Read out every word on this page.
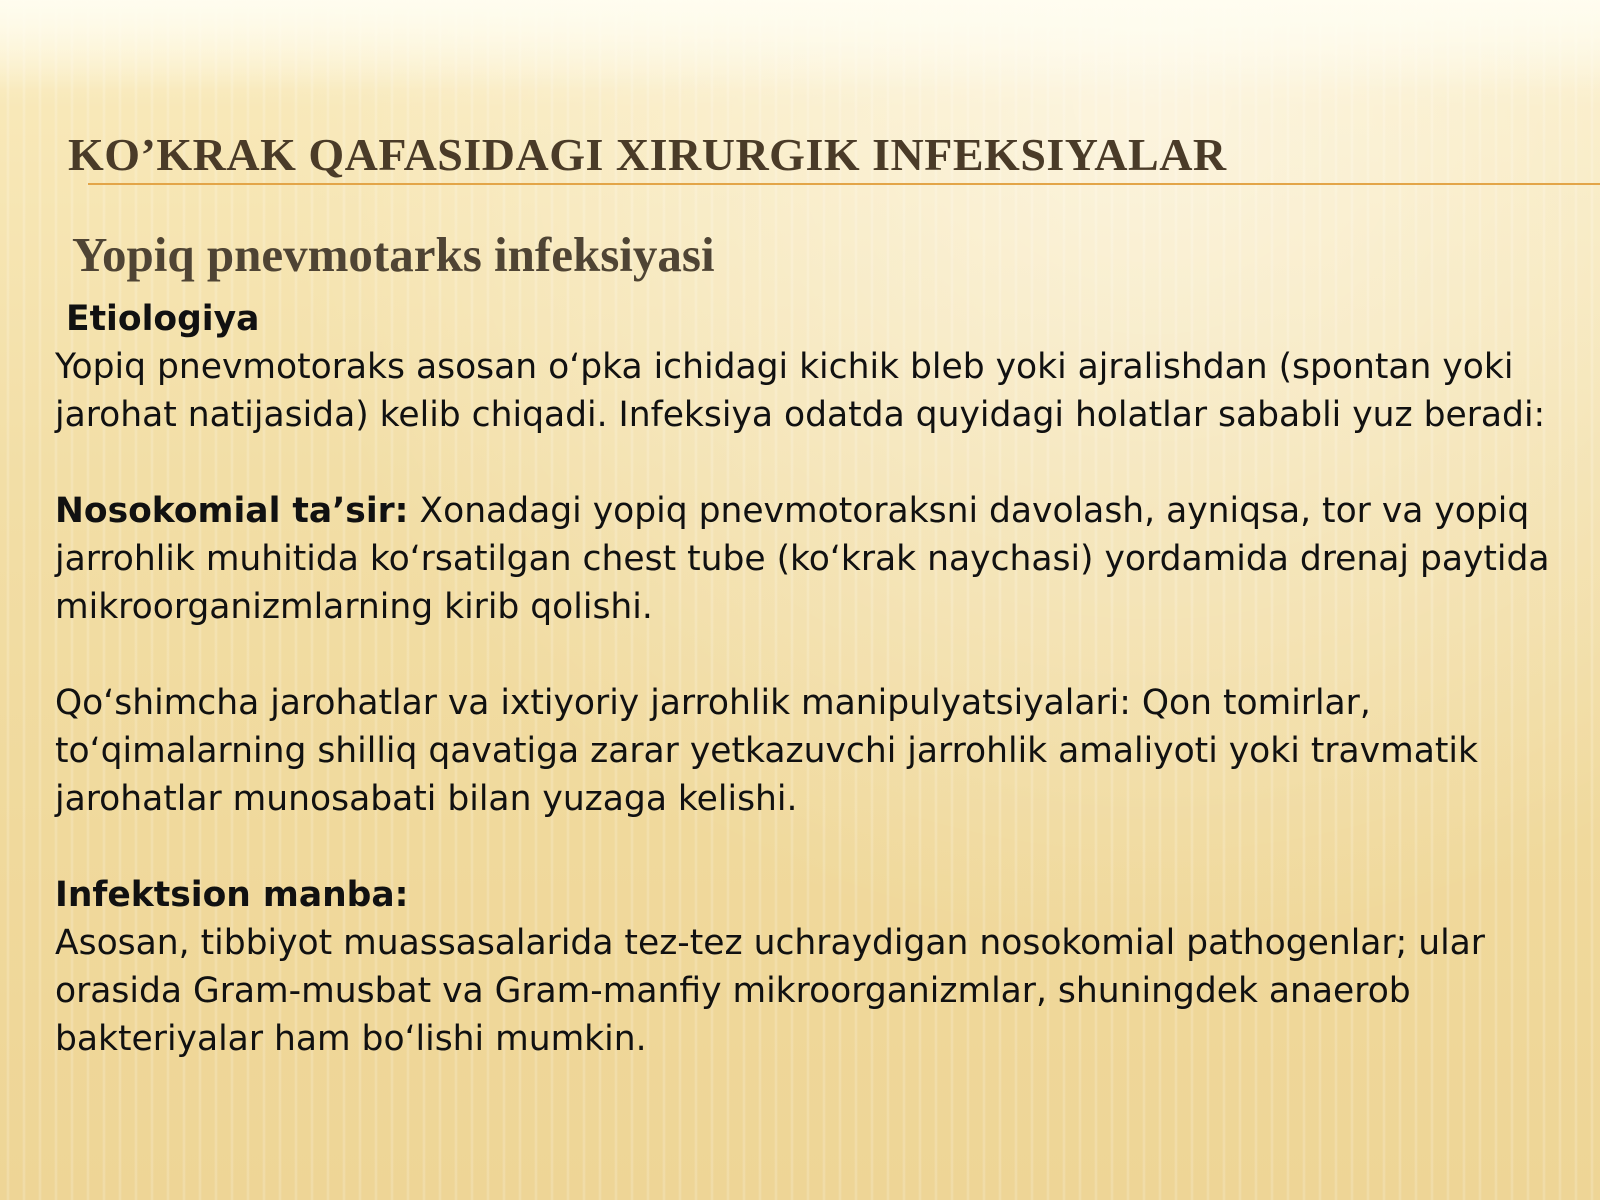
KO’KRAK QAFASIDAGI XIRURGIK INFEKSIYALAR
Yopiq pnevmotarks infeksiyasi

Etiologiya

Yopiq pnevmotoraks asosan o‘pka ichidagi kichik bleb yoki ajralishdan (spontan yoki jarohat natijasida) kelib chiqadi. Infeksiya odatda quyidagi holatlar sababli yuz beradi:

Nosokomial ta’sir: Xonadagi yopiq pnevmotoraksni davolash, ayniqsa, tor va yopiq jarrohlik muhitida ko‘rsatilgan chest tube (ko‘krak naychasi) yordamida drenaj paytida mikroorganizmlarning kirib qolishi.

Qo‘shimcha jarohatlar va ixtiyoriy jarrohlik manipulyatsiyalari: Qon tomirlar, to‘qimalarning shilliq qavatiga zarar yetkazuvchi jarrohlik amaliyoti yoki travmatik jarohatlar munosabati bilan yuzaga kelishi.

Infektsion manba:

Asosan, tibbiyot muassasalarida tez-tez uchraydigan nosokomial pathogenlar; ular orasida Gram-musbat va Gram-manfiy mikroorganizmlar, shuningdek anaerob bakteriyalar ham bo‘lishi mumkin.
